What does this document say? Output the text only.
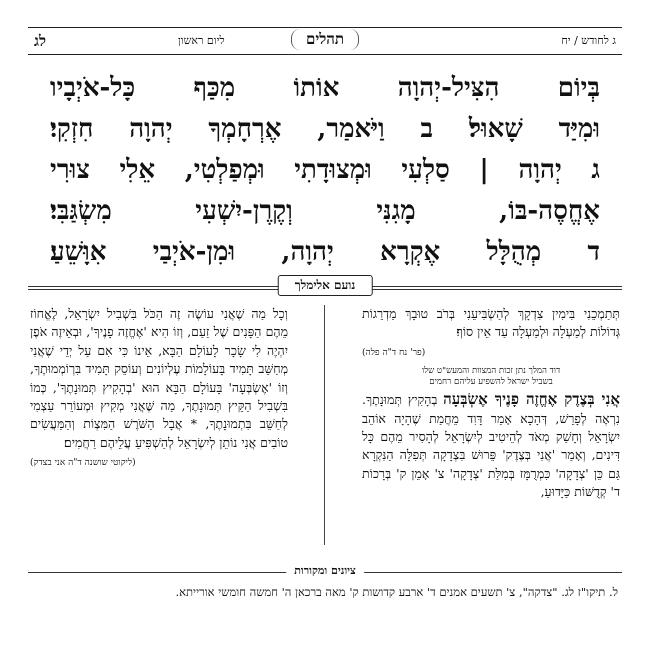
לג	ג לחודש / יח
תהלים
ליום ראשון
בְּיוֹם הִצִּיל-יְהוָה אוֹתוֹ מִכַּף כָּל-אֹיְבָיו
וּמִיַּד שָׁאוּל׃ ב וַיֹּאמַר, אֶרְחָמְךָ יְהוָה חִזְקִי׃
ג יְהוָה | סַלְעִי וּמְצוּדָתִי וּמְפַלְטִי, אֵלִי צוּרִי
אֶחֱסֶה-בּוֹ, מָגִנִּי וְקֶרֶן-יִשְׁעִי מִשְׂגַּבִּי׃
ד מְהֻלָּל אֶקְרָא יְהוָה, וּמִן-אֹיְבַי אִוָּשֵׁעַ׃
נועם אלימלך

תְּתַמְכֵנִי בִּימִין צִדְקָךְ לְהַשְׂבִּיעֵנִי בְּרֹב טוּבָךְ מַדְרֵגוֹת גְּדוֹלוֹת לְמַעְלָה וּלְמַעְלָה עַד אֵין סוֹף׃

(פר' נח ד"ה פלה)

דוד המלך נתן זכות המצוות והמעש"ט שלו
בשביל ישראל להשפיע עליהם רחמים

אֲנִי בְּצֶדֶק אֶחֱזֶה פָנֶיךָ אֶשְׂבְּעָה בְהָקִיץ תְּמוּנָתֶךָ. נִרְאֶה לְפָרֵשׁ, דְּהָכָא אָמַר דָּוִד מֵחֲמַת שֶׁהָיָה אוֹהֵב יִשְׂרָאֵל וְחָשַׁק מְאֹד לְהֵיטִיב לְיִשְׂרָאֵל לְהָסִיר מֵהֶם כָּל דִּינִים, וְאָמַר 'אֲנִי בְּצֶדֶק' פֵּרוּשׁ בִּצְדָקָה תְּפִלָּה הַנִּקְרָא גַּם כֵּן 'צְדָקָה' כִּמְרֻמָּז בְּמִלַּת 'צְדָקָה' צ' אָמֵן ק' בְּרָכוֹת ד' קְדֻשּׁוֹת כַּיָּדוּעַ,

וְכָל מַה שֶׁאֲנִי עוֹשֶׂה זֶה הַכֹּל בִּשְׁבִיל יִשְׂרָאֵל, לֶאֱחוֹז מֵהֶם הַפָּנִים שֶׁל זַעַם, וְזוֹ הִיא 'אֶחֱזֶה פָנֶיךָ', וּבְאֵיזֶה אֹפֶן יִהְיֶה לִי שָׂכָר לָעוֹלָם הַבָּא, אֵינוֹ כִּי אִם עַל יְדֵי שֶׁאֲנִי מְחַשֵּׁב תָּמִיד בָּעוֹלָמוֹת עֶלְיוֹנִים וְעוֹסֵק תָּמִיד בִּרְוֹמְמוּתֶךָ, וְזוֹ 'אֶשְׂבְּעָה' בָּעוֹלָם הַבָּא הוּא 'בְהָקִיץ תְּמוּנָתֶךָ', כְּמוֹ בִּשְׁבִיל הַקֵּיץ תְּמוּנָתֶךָ, מַה שֶּׁאֲנִי מְקִיץ וּמְעוֹרֵר עַצְמִי לְחַשֵּׁב בִּתְמוּנָתֶךָ, * אֲבָל הַשֹּׁרֶשׁ הַמִּצְוֹת וְהַמַּעֲשִׂים טוֹבִים אֲנִי נוֹתֵן לְיִשְׂרָאֵל לְהַשְׁפִּיעַ עֲלֵיהֶם רַחֲמִים׃

(ליקוטי שושנה ד"ה אני בצדק)

ציונים ומקורות
ל. תיקו"ז לג. "צדקה", צ' תשעים אמנים ד' ארבע קדושות ק' מאה ברכאן ה' חמשה חומשי אורייתא.
